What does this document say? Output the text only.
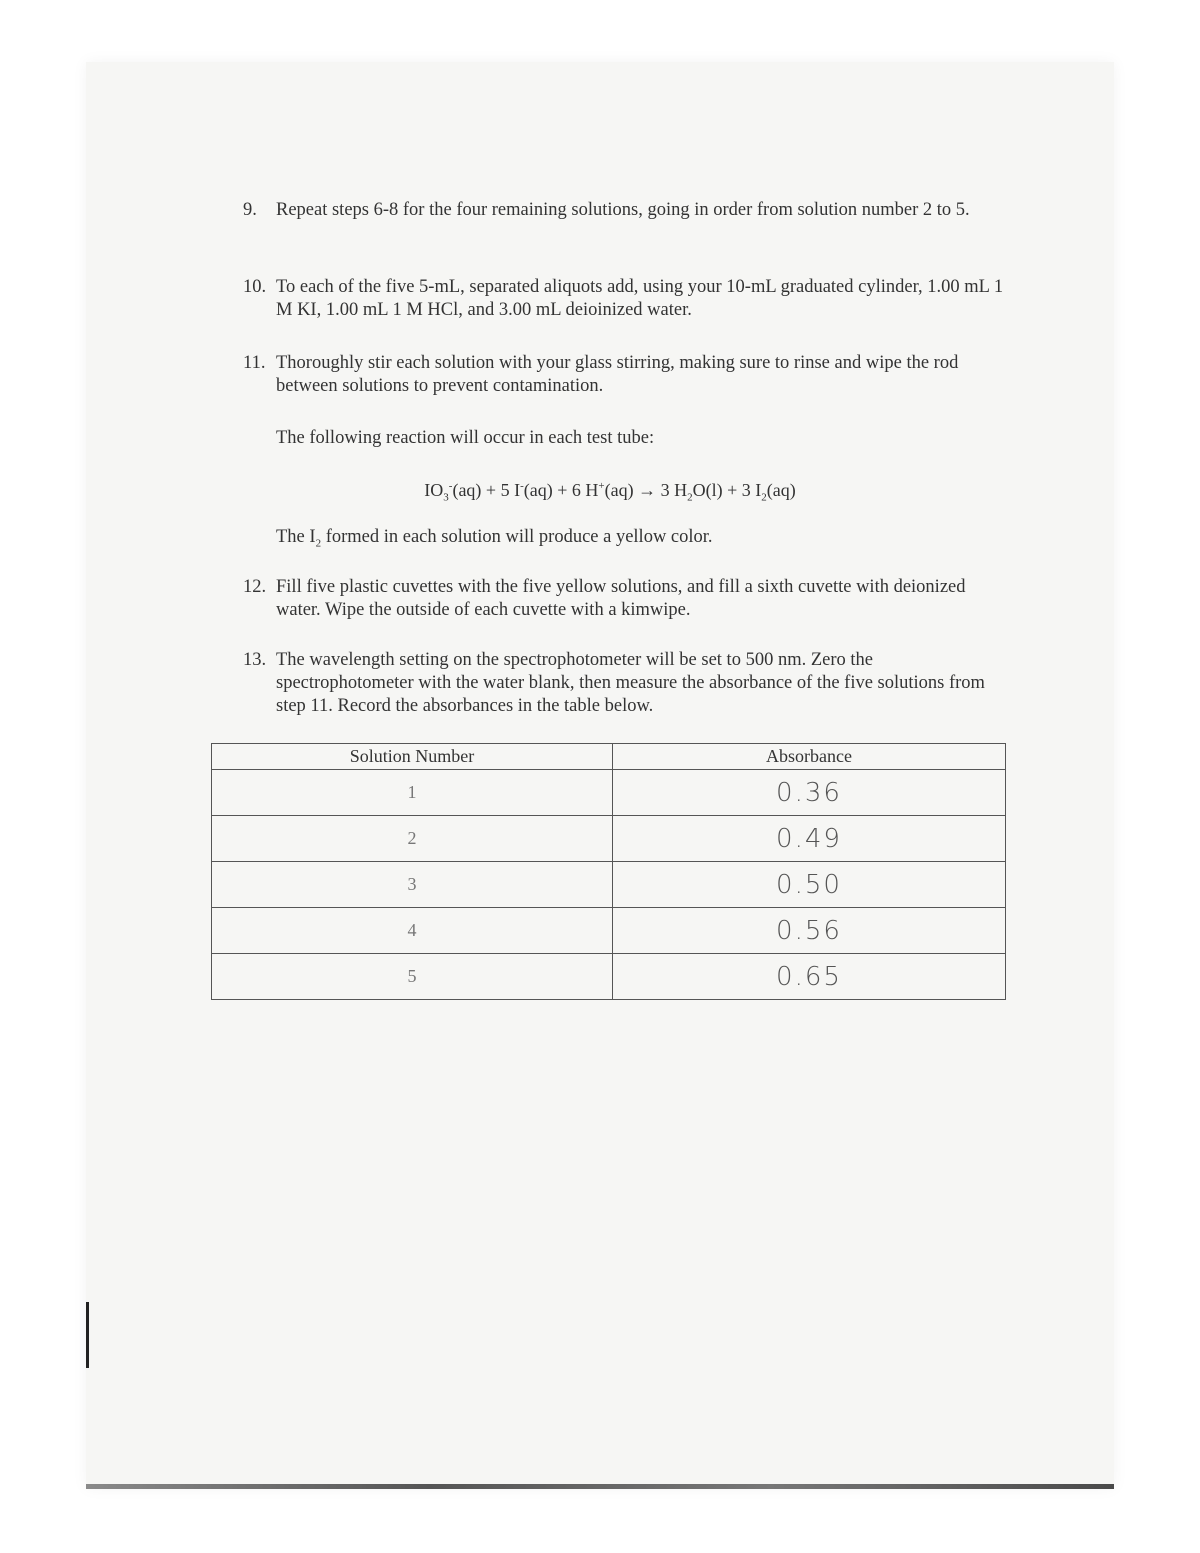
9. Repeat steps 6-8 for the four remaining solutions, going in order from solution number 2 to 5.
10. To each of the five 5-mL, separated aliquots add, using your 10-mL graduated cylinder, 1.00 mL 1 M KI, 1.00 mL 1 M HCl, and 3.00 mL deioinized water.
11. Thoroughly stir each solution with your glass stirring, making sure to rinse and wipe the rod between solutions to prevent contamination.
The following reaction will occur in each test tube:
$IO_3^-(aq) + 5$ I-(aq) + 6 H+(aq) → 3 $H_2O(l) + 3$ $I_2(aq)$
The $I_2$ formed in each solution will produce a yellow color.
12. Fill five plastic cuvettes with the five yellow solutions, and fill a sixth cuvette with deionized water. Wipe the outside of each cuvette with a kimwipe.
13. The wavelength setting on the spectrophotometer will be set to 500 nm. Zero the spectrophotometer with the water blank, then measure the absorbance of the five solutions from step 11. Record the absorbances in the table below.
Solution Number	Absorbance
1	0.36
2	0.49
3	0.50
4	0.56
5	0.65
